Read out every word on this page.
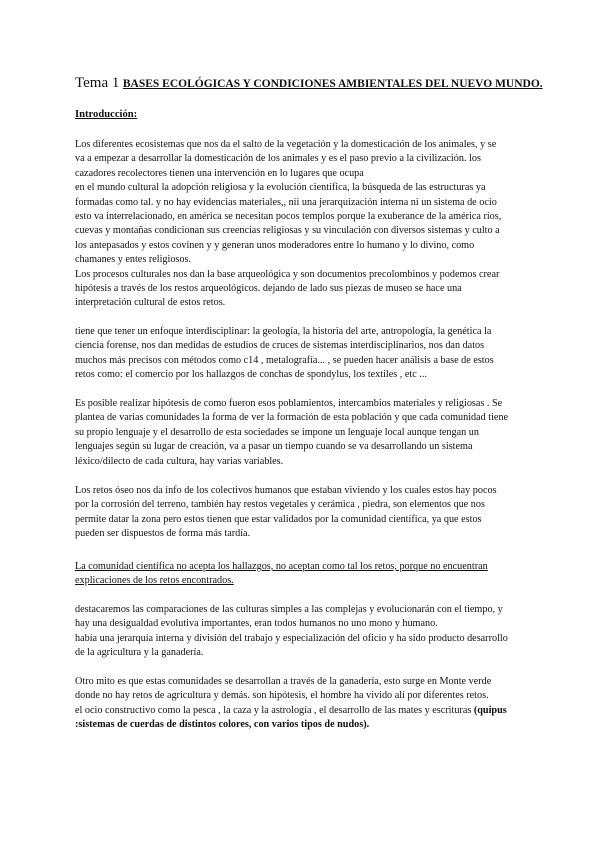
Tema 1 BASES ECOLÓGICAS Y CONDICIONES AMBIENTALES DEL NUEVO MUNDO.
Introducción:
Los diferentes ecosistemas que nos da el salto de la vegetación y la domesticación de los animales, y se
va a empezar a desarrollar la domesticación de los animales y es el paso previo a la civilización. los
cazadores recolectores tienen una intervención en lo lugares que ocupa
en el mundo cultural la adopción religiosa y la evolución científica, la búsqueda de las estructuras ya
formadas como tal. y no hay evidencias materiales,, nii una jerarquización interna ni un sistema de ocio
esto va interrelacionado, en américa se necesitan pocos templos porque la exuberance de la américa rios,
cuevas y montañas condicionan sus creencias religiosas y su vinculación con diversos sistemas y culto a
los antepasados y estos covinen y y generan unos moderadores entre lo humano y lo divino, como
chamanes y entes religiosos.
Los procesos culturales nos dan la base arqueológica y son documentos precolombinos y podemos crear
hipótesis a través de los restos arqueológicos. dejando de lado sus piezas de museo se hace una
interpretación cultural de estos retos.
tiene que tener un enfoque interdisciplinar: la geología, la historia del arte, antropología, la genética la
ciencia forense, nos dan medidas de estudios de cruces de sistemas interdisciplinarios, nos dan datos
muchos más precisos con métodos como c14 , metalografía... , se pueden hacer análisis a base de estos
retos como: el comercio por los hallazgos de conchas de spondylus, los textiles , etc ...
Es posible realizar hipótesis de como fueron esos poblamientos, intercambios materiales y religiosas . Se
plantea de varias comunidades la forma de ver la formación de esta población y que cada comunidad tiene
su propio lenguaje y el desarrollo de esta sociedades se impone un lenguaje local aunque tengan un
lenguajes según su lugar de creación, va a pasar un tiempo cuando se va desarrollando un sistema
léxico/dilecto de cada cultura, hay varias variables.
Los retos óseo nos da info de los colectivos humanos que estaban viviendo y los cuales estos hay pocos
por la corrosión del terreno, también hay restos vegetales y cerámica , piedra, son elementos que nos
permite datar la zona pero estos tienen que estar validados por la comunidad científica, ya que estos
pueden ser dispuestos de forma más tardía.
La comunidad científica no acepta los hallazgos, no aceptan como tal los retos, porque no encuentran
explicaciones de los retos encontrados.
destacaremos las comparaciones de las culturas simples a las complejas y evolucionarán con el tiempo, y
hay una desigualdad evolutiva importantes, eran todos humanos no uno mono y humano.
había una jerarquía interna y división del trabajo y especialización del oficio y ha sido producto desarrollo
de la agricultura y la ganadería.
Otro mito es que estas comunidades se desarrollan a través de la ganadería, esto surge en Monte verde
donde no hay retos de agricultura y demás. son hipótesis, el hombre ha vivido alí por diferentes retos.
el ocio constructivo como la pesca , la caza y la astrología , el desarrollo de las mates y escrituras (quipus
:sistemas de cuerdas de distintos colores, con varios tipos de nudos).
